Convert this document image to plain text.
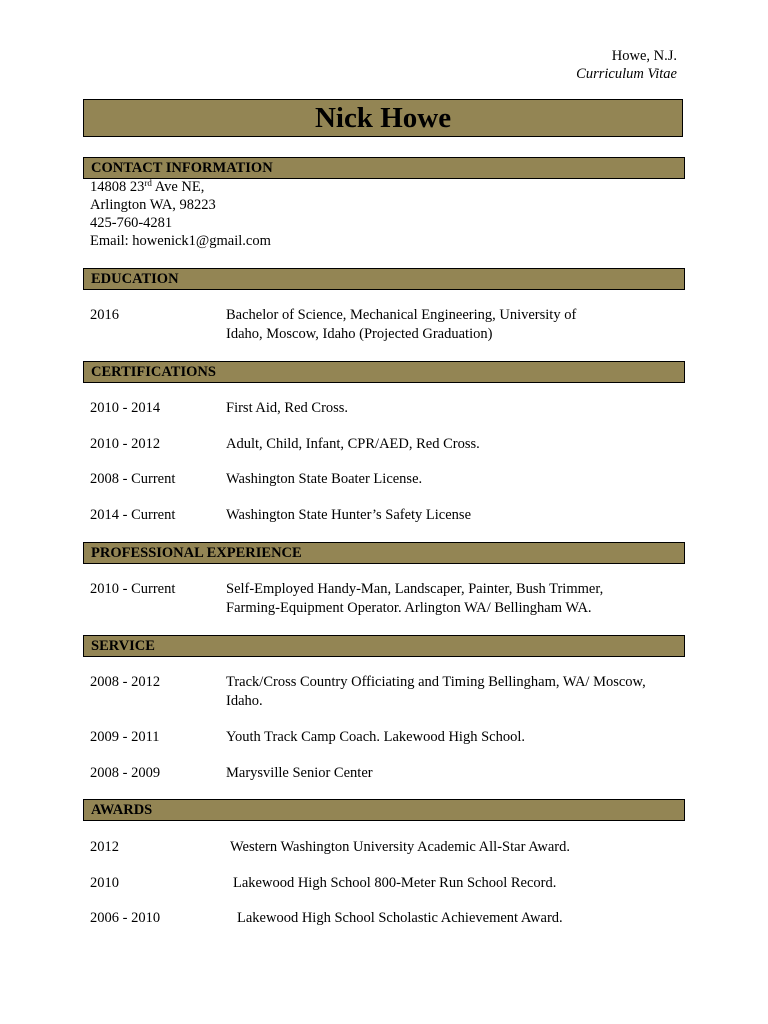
Howe, N.J.
Curriculum Vitae
Nick Howe
CONTACT INFORMATION
14808 23rd Ave NE,
Arlington WA, 98223
425-760-4281
Email: howenick1@gmail.com
EDUCATION
2016	Bachelor of Science, Mechanical Engineering, University of
Idaho, Moscow, Idaho (Projected Graduation)
CERTIFICATIONS
2010 - 2014	First Aid, Red Cross.
2010 - 2012	Adult, Child, Infant, CPR/AED, Red Cross.
2008 - Current	Washington State Boater License.
2014 - Current	Washington State Hunter’s Safety License
PROFESSIONAL EXPERIENCE
2010 - Current	Self-Employed Handy-Man, Landscaper, Painter, Bush Trimmer,
Farming-Equipment Operator. Arlington WA/ Bellingham WA.
SERVICE
2008 - 2012	Track/Cross Country Officiating and Timing Bellingham, WA/ Moscow,
Idaho.
2009 - 2011	Youth Track Camp Coach. Lakewood High School.
2008 - 2009	Marysville Senior Center
AWARDS
2012	Western Washington University Academic All-Star Award.
2010	Lakewood High School 800-Meter Run School Record.
2006 - 2010	Lakewood High School Scholastic Achievement Award.
